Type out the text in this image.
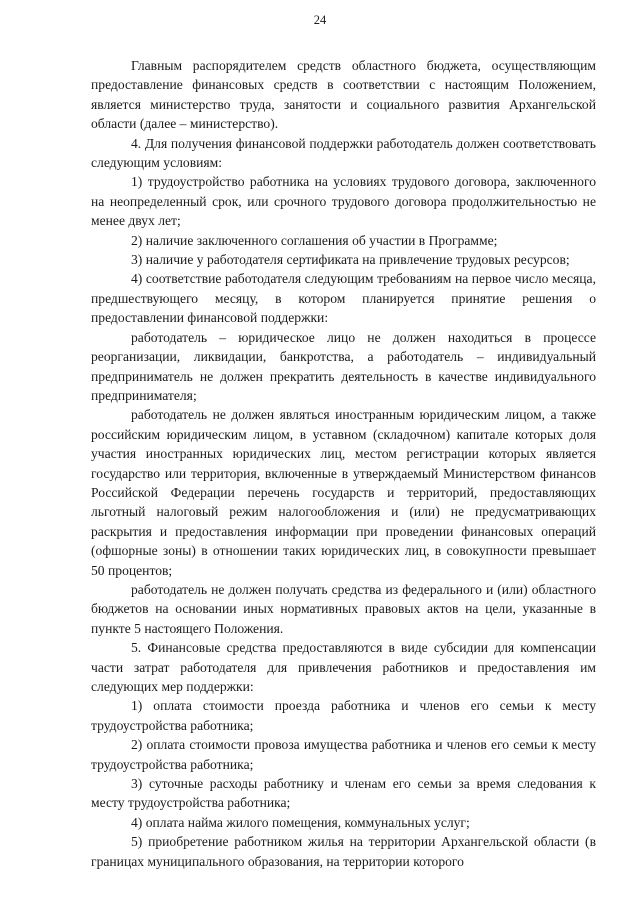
24

Главным распорядителем средств областного бюджета, осуществляющим предоставление финансовых средств в соответствии с настоящим Положением, является министерство труда, занятости и социального развития Архангельской области (далее – министерство).

4. Для получения финансовой поддержки работодатель должен соответствовать следующим условиям:

1) трудоустройство работника на условиях трудового договора, заключенного на неопределенный срок, или срочного трудового договора продолжительностью не менее двух лет;

2) наличие заключенного соглашения об участии в Программе;

3) наличие у работодателя сертификата на привлечение трудовых ресурсов;

4) соответствие работодателя следующим требованиям на первое число месяца, предшествующего месяцу, в котором планируется принятие решения о предоставлении финансовой поддержки:

работодатель – юридическое лицо не должен находиться в процессе реорганизации, ликвидации, банкротства, а работодатель – индивидуальный предприниматель не должен прекратить деятельность в качестве индивидуального предпринимателя;

работодатель не должен являться иностранным юридическим лицом, а также российским юридическим лицом, в уставном (складочном) капитале которых доля участия иностранных юридических лиц, местом регистрации которых является государство или территория, включенные в утверждаемый Министерством финансов Российской Федерации перечень государств и территорий, предоставляющих льготный налоговый режим налогообложения и (или) не предусматривающих раскрытия и предоставления информации при проведении финансовых операций (офшорные зоны) в отношении таких юридических лиц, в совокупности превышает 50 процентов;

работодатель не должен получать средства из федерального и (или) областного бюджетов на основании иных нормативных правовых актов на цели, указанные в пункте 5 настоящего Положения.

5. Финансовые средства предоставляются в виде субсидии для компенсации части затрат работодателя для привлечения работников и предоставления им следующих мер поддержки:

1) оплата стоимости проезда работника и членов его семьи к месту трудоустройства работника;

2) оплата стоимости провоза имущества работника и членов его семьи к месту трудоустройства работника;

3) суточные расходы работнику и членам его семьи за время следования к месту трудоустройства работника;

4) оплата найма жилого помещения, коммунальных услуг;

5) приобретение работником жилья на территории Архангельской области (в границах муниципального образования, на территории которого
